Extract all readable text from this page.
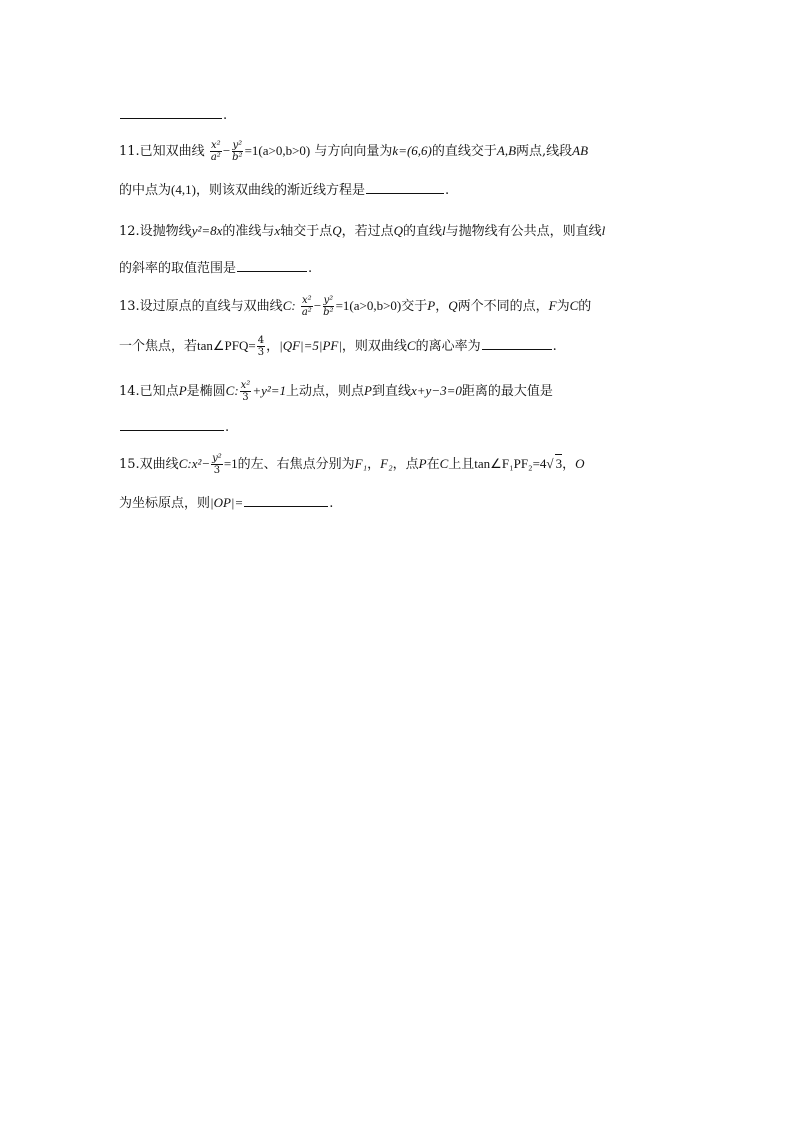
.
11.已知双曲线 $\frac{\text{x²}}{\text{a²}} - \frac{\text{y²}}{\text{b²}} =1(a>0,b>0)$ 与方向向量为k=(6,6)的直线交于A,B两点,线段AB
的中点为(4,1)，则该双曲线的渐近线方程是	.
12.设抛物线y²=8x的准线与x轴交于点Q，若过点Q的直线l与抛物线有公共点，则直线l
的斜率的取值范围是	.
13.设过原点的直线与双曲线C: $\frac{\text{x²}}{\text{a²}} - \frac{\text{y²}}{\text{b²}} =1(a>0,b>0)$交于P，Q两个不同的点，F为C的
一个焦点，若tan∠PFQ= $\frac{4}{3}$ ，|QF|=5|PF|，则双曲线C的离心率为	.
14.已知点P是椭圆C: $\frac{\text{x²}}{3} +y^2=1$上动点，则点P到直线x+y−3=0距离的最大值是
.
15.双曲线C:x²− $\frac{\text{y²}}{3} =1$的左、右焦点分别为F₁，F₂，点P在C上且tan∠F₁PF₂=4√ 3，O
为坐标原点，则|OP|=	.
